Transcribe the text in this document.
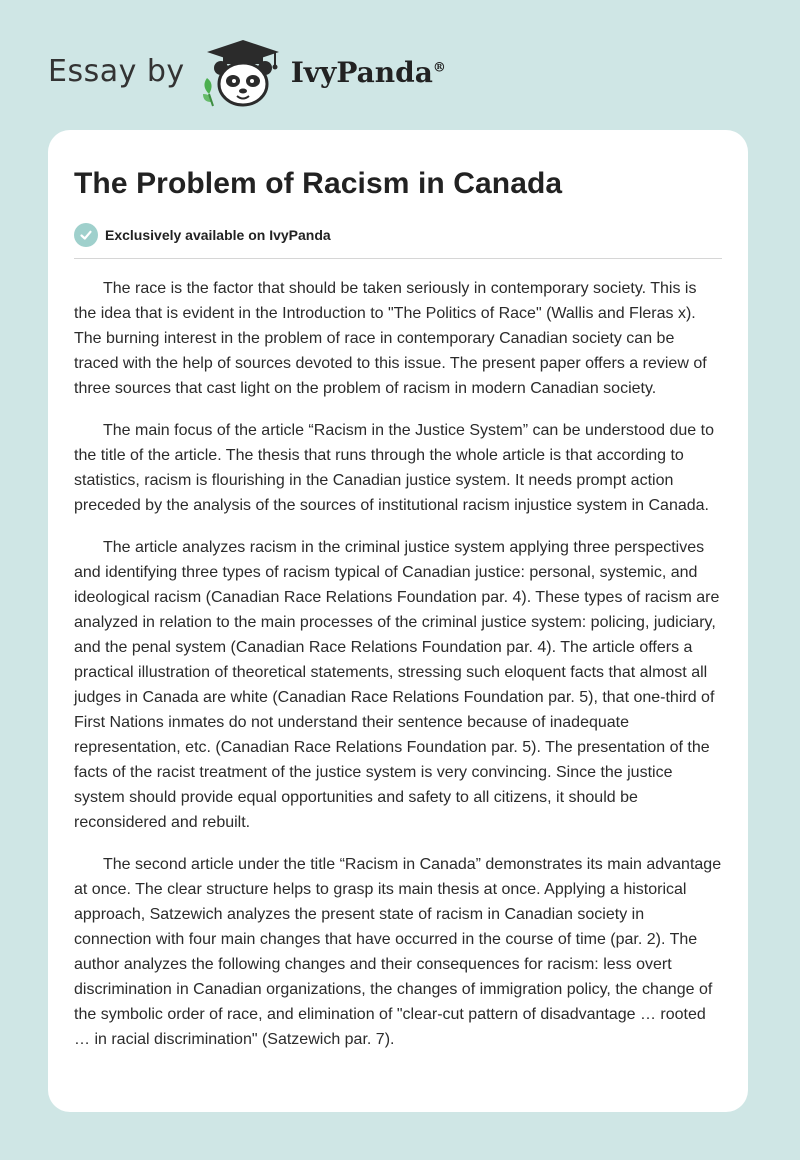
Essay by	IvyPanda®
The Problem of Racism in Canada
Exclusively available on IvyPanda

The race is the factor that should be taken seriously in contemporary society. This is the idea that is evident in the Introduction to "The Politics of Race" (Wallis and Fleras x). The burning interest in the problem of race in contemporary Canadian society can be traced with the help of sources devoted to this issue. The present paper offers a review of three sources that cast light on the problem of racism in modern Canadian society.

The main focus of the article “Racism in the Justice System” can be understood due to the title of the article. The thesis that runs through the whole article is that according to statistics, racism is flourishing in the Canadian justice system. It needs prompt action preceded by the analysis of the sources of institutional racism injustice system in Canada.

The article analyzes racism in the criminal justice system applying three perspectives and identifying three types of racism typical of Canadian justice: personal, systemic, and ideological racism (Canadian Race Relations Foundation par. 4). These types of racism are analyzed in relation to the main processes of the criminal justice system: policing, judiciary, and the penal system (Canadian Race Relations Foundation par. 4). The article offers a practical illustration of theoretical statements, stressing such eloquent facts that almost all judges in Canada are white (Canadian Race Relations Foundation par. 5), that one-third of First Nations inmates do not understand their sentence because of inadequate representation, etc. (Canadian Race Relations Foundation par. 5). The presentation of the facts of the racist treatment of the justice system is very convincing. Since the justice system should provide equal opportunities and safety to all citizens, it should be reconsidered and rebuilt.

The second article under the title “Racism in Canada” demonstrates its main advantage at once. The clear structure helps to grasp its main thesis at once. Applying a historical approach, Satzewich analyzes the present state of racism in Canadian society in connection with four main changes that have occurred in the course of time (par. 2). The author analyzes the following changes and their consequences for racism: less overt discrimination in Canadian organizations, the changes of immigration policy, the change of the symbolic order of race, and elimination of "clear-cut pattern of disadvantage … rooted … in racial discrimination" (Satzewich par. 7).
